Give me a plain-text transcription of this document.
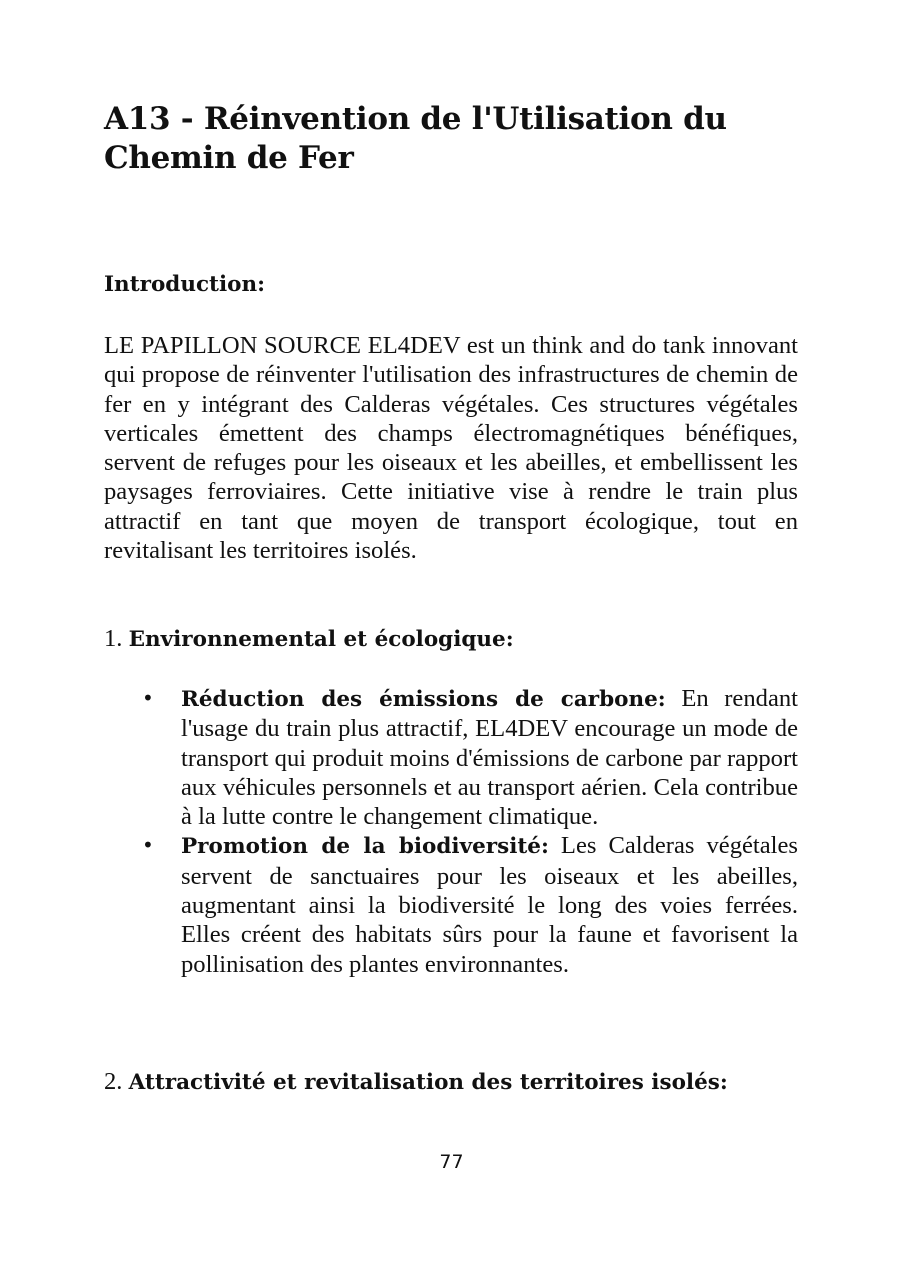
A13 - Réinvention de l'Utilisation du Chemin de Fer

Introduction:

LE PAPILLON SOURCE EL4DEV est un think and do tank innovant qui propose de réinventer l'utilisation des infrastructures de chemin de fer en y intégrant des Calderas végétales. Ces structures végétales verticales émettent des champs électromagnétiques bénéfiques, servent de refuges pour les oiseaux et les abeilles, et embellissent les paysages ferroviaires. Cette initiative vise à rendre le train plus attractif en tant que moyen de transport écologique, tout en revitalisant les territoires isolés.

1. Environnemental et écologique:

• Réduction des émissions de carbone: En rendant l'usage du train plus attractif, EL4DEV encourage un mode de transport qui produit moins d'émissions de carbone par rapport aux véhicules personnels et au transport aérien. Cela contribue à la lutte contre le changement climatique.
• Promotion de la biodiversité: Les Calderas végétales servent de sanctuaires pour les oiseaux et les abeilles, augmentant ainsi la biodiversité le long des voies ferrées. Elles créent des habitats sûrs pour la faune et favorisent la pollinisation des plantes environnantes.

2. Attractivité et revitalisation des territoires isolés:

77
